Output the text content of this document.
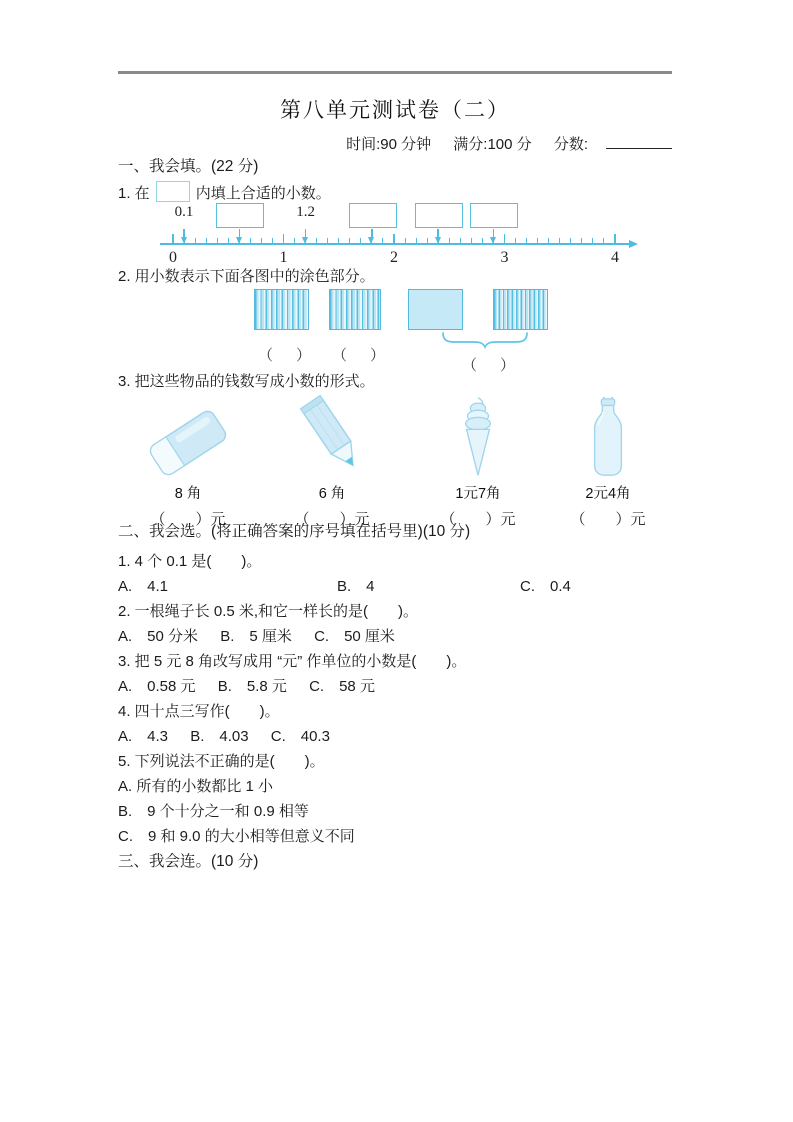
第八单元测试卷（二）
时间:90 分钟 满分:100 分 分数:
一、我会填。(22 分)
1. 在	内填上合适的小数。
0	1	2	3	4
0.1	1.2
2. 用小数表示下面各图中的涂色部分。
（　） （　）
（　）
3. 把这些物品的钱数写成小数的形式。
8 角
（　　）元
6 角
（　　）元
1元7角
（　　）元
2元4角
（　　）元
二、我会选。(将正确答案的序号填在括号里)(10 分)
1. 4 个 0.1 是(　　)。
A.　4.1	B.　4	C.　0.4
2. 一根绳子长 0.5 米,和它一样长的是(　　)。
A.　50 分米 B.　5 厘米 C.　50 厘米
3. 把 5 元 8 角改写成用 “元” 作单位的小数是(　　)。
A.　0.58 元 B.　5.8 元 C.　58 元
4. 四十点三写作(　　)。
A.　4.3 B.　4.03 C.　40.3
5. 下列说法不正确的是(　　)。
A. 所有的小数都比 1 小
B.　9 个十分之一和 0.9 相等
C.　9 和 9.0 的大小相等但意义不同
三、我会连。(10 分)
